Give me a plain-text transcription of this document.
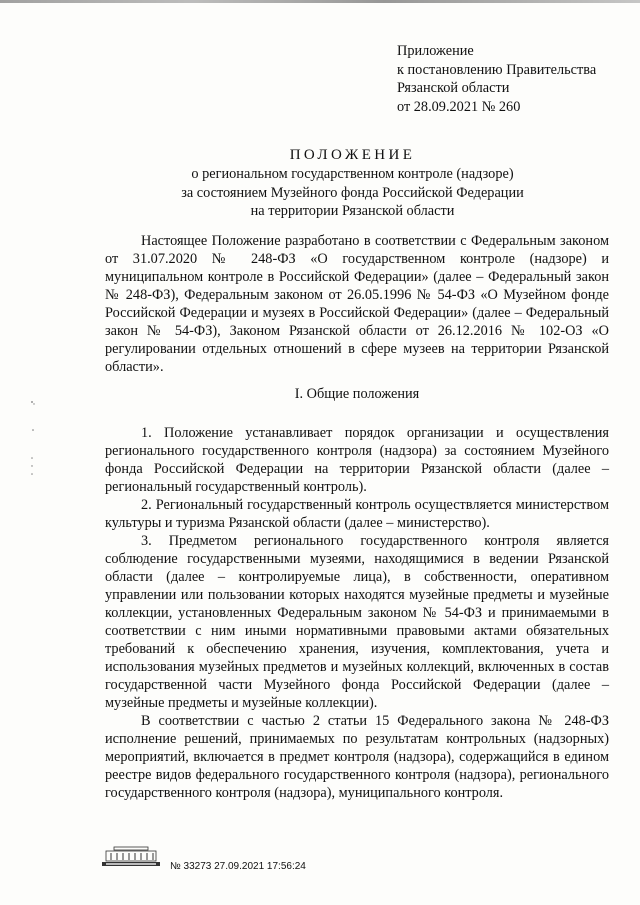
Приложение
к постановлению Правительства
Рязанской области
от 28.09.2021 № 260
ПОЛОЖЕНИЕ
о региональном государственном контроле (надзоре)
за состоянием Музейного фонда Российской Федерации
на территории Рязанской области

Настоящее Положение разработано в соответствии с Федеральным законом от 31.07.2020 № 248-ФЗ «О государственном контроле (надзоре) и муниципальном контроле в Российской Федерации» (далее – Федеральный закон № 248-ФЗ), Федеральным законом от 26.05.1996 № 54-ФЗ «О Музейном фонде Российской Федерации и музеях в Российской Федерации» (далее – Федеральный закон № 54-ФЗ), Законом Рязанской области от 26.12.2016 № 102-ОЗ «О регулировании отдельных отношений в сфере музеев на территории Рязанской области».

I. Общие положения

1. Положение устанавливает порядок организации и осуществления регионального государственного контроля (надзора) за состоянием Музейного фонда Российской Федерации на территории Рязанской области (далее – региональный государственный контроль).

2. Региональный государственный контроль осуществляется министерством культуры и туризма Рязанской области (далее – министерство).

3. Предметом регионального государственного контроля является соблюдение государственными музеями, находящимися в ведении Рязанской области (далее – контролируемые лица), в собственности, оперативном управлении или пользовании которых находятся музейные предметы и музейные коллекции, установленных Федеральным законом № 54-ФЗ и принимаемыми в соответствии с ним иными нормативными правовыми актами обязательных требований к обеспечению хранения, изучения, комплектования, учета и использования музейных предметов и музейных коллекций, включенных в состав государственной части Музейного фонда Российской Федерации (далее – музейные предметы и музейные коллекции).

В соответствии с частью 2 статьи 15 Федерального закона № 248-ФЗ исполнение решений, принимаемых по результатам контрольных (надзорных) мероприятий, включается в предмет контроля (надзора), содержащийся в едином реестре видов федерального государственного контроля (надзора), регионального государственного контроля (надзора), муниципального контроля.

№ 33273 27.09.2021 17:56:24
